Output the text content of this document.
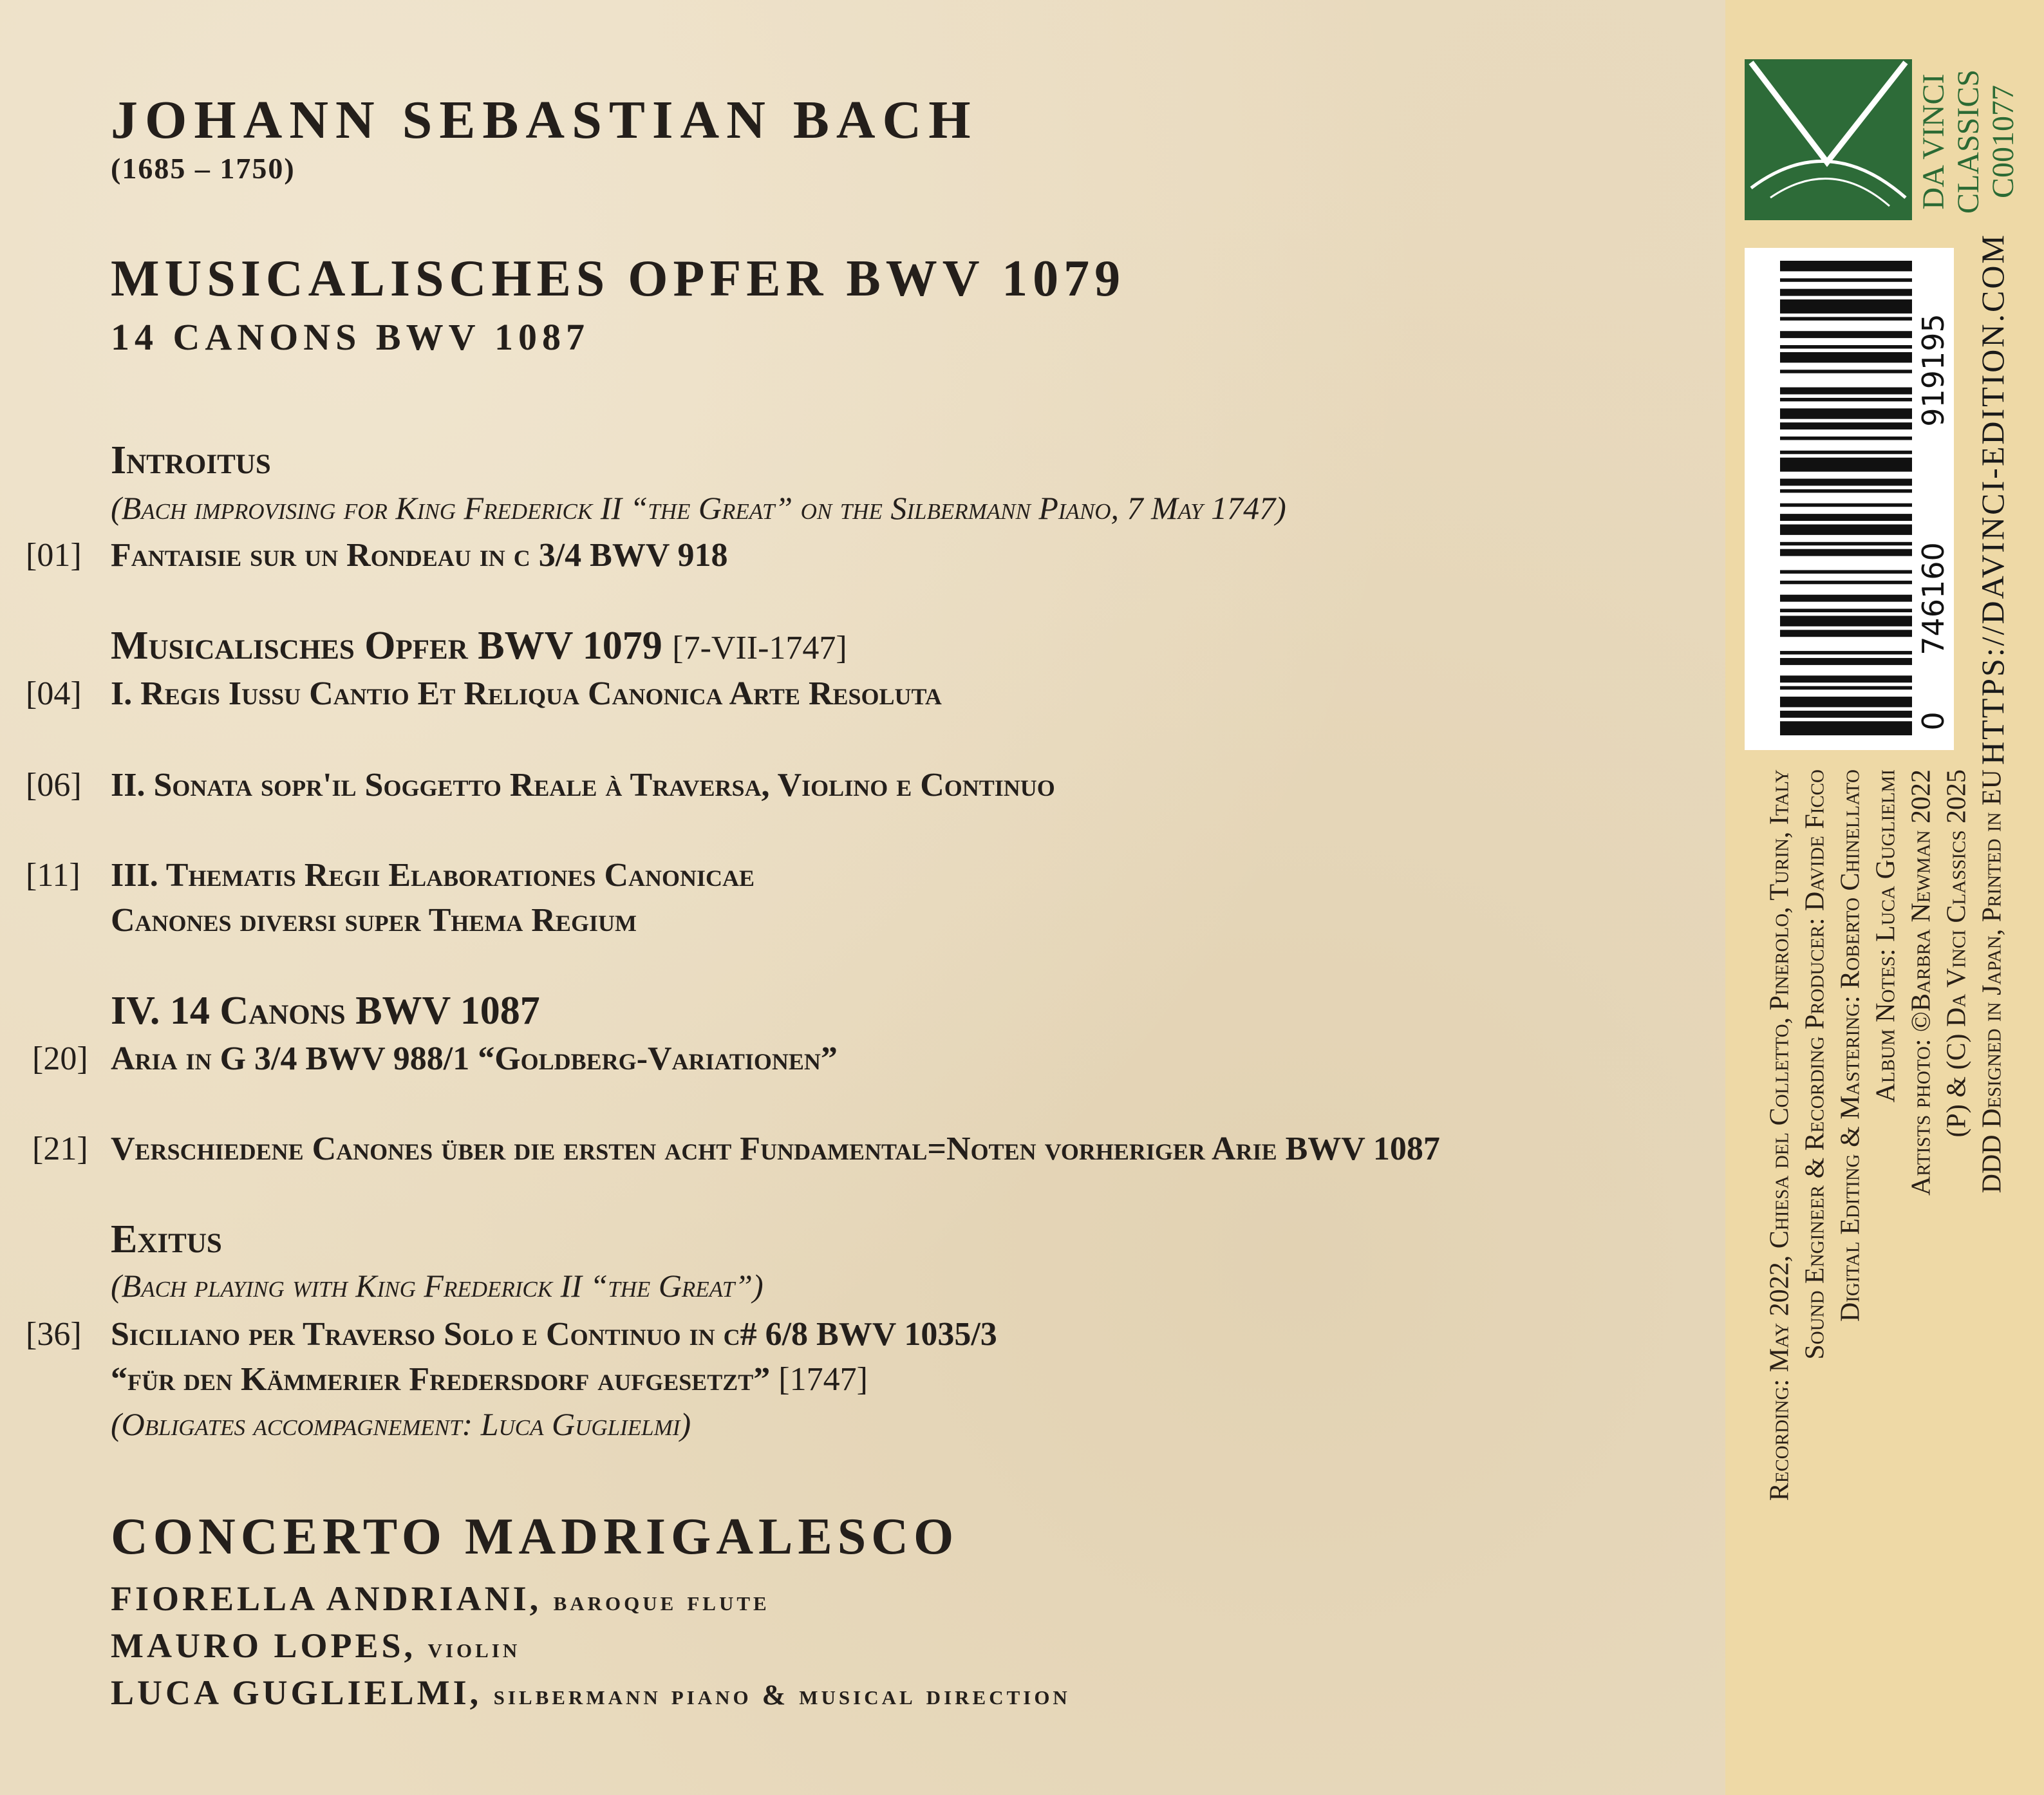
JOHANN SEBASTIAN BACH
(1685 – 1750)
MUSICALISCHES OPFER BWV 1079
14 CANONS BWV 1087
Introitus
(Bach improvising for King Frederick II “the Great” on the Silbermann Piano, 7 May 1747)
[01] Fantaisie sur un Rondeau in c 3/4 BWV 918
Musicalisches Opfer BWV 1079 [7-VII-1747]
[04] I. Regis Iussu Cantio Et Reliqua Canonica Arte Resoluta
[06] II. Sonata sopr'il Soggetto Reale à Traversa, Violino e Continuo
[11] III. Thematis Regii Elaborationes Canonicae
Canones diversi super Thema Regium
IV. 14 Canons BWV 1087
[20] Aria in G 3/4 BWV 988/1 “Goldberg-Variationen”
[21] Verschiedene Canones über die ersten acht Fundamental=Noten vorheriger Arie BWV 1087
Exitus
(Bach playing with King Frederick II “the Great”)
[36] Siciliano per Traverso Solo e Continuo in c# 6/8 BWV 1035/3
“für den Kämmerier Fredersdorf aufgesetzt” [1747]
(Obligates accompagnement: Luca Guglielmi)
CONCERTO MADRIGALESCO
FIORELLA ANDRIANI, baroque flute
MAURO LOPES, violin
LUCA GUGLIELMI, silbermann piano & musical direction
DA VINCI CLASSICS C001077
0
746160
919195 HTTPS://DAVINCI-EDITION.COM
Recording: May 2022, Chiesa del Colletto, Pinerolo, Turin, Italy Sound Engineer & Recording Producer: Davide Ficco Digital Editing & Mastering: Roberto Chinellato Album Notes: Luca Guglielmi Artists photo: ©Barbra Newman 2022 (P) & (C) Da Vinci Classics 2025 DDD Designed in Japan, Printed in EU
